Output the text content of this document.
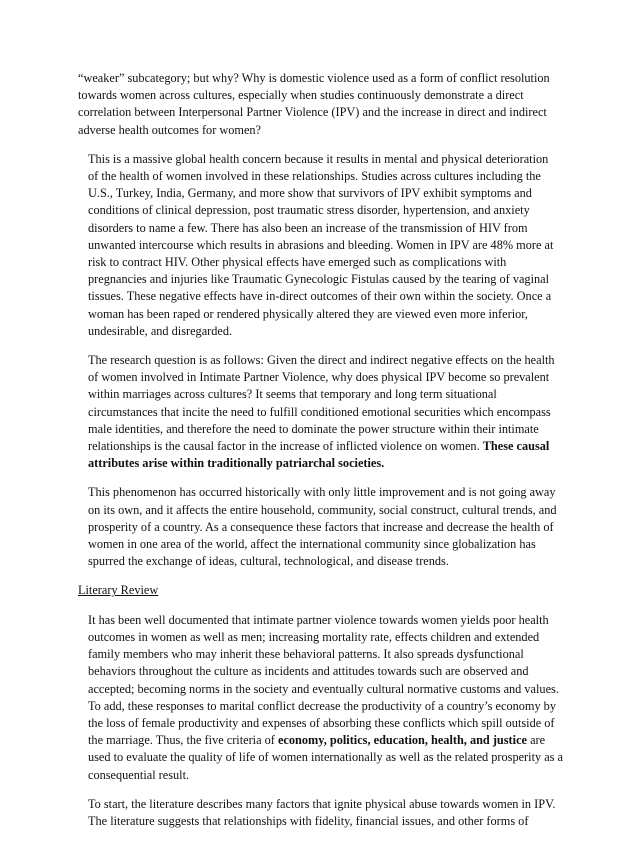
“weaker” subcategory; but why? Why is domestic violence used as a form of conflict resolution
towards women across cultures, especially when studies continuously demonstrate a direct
correlation between Interpersonal Partner Violence (IPV) and the increase in direct and indirect
adverse health outcomes for women?

This is a massive global health concern because it results in mental and physical deterioration
of the health of women involved in these relationships. Studies across cultures including the
U.S., Turkey, India, Germany, and more show that survivors of IPV exhibit symptoms and
conditions of clinical depression, post traumatic stress disorder, hypertension, and anxiety
disorders to name a few. There has also been an increase of the transmission of HIV from
unwanted intercourse which results in abrasions and bleeding. Women in IPV are 48% more at
risk to contract HIV. Other physical effects have emerged such as complications with
pregnancies and injuries like Traumatic Gynecologic Fistulas caused by the tearing of vaginal
tissues. These negative effects have in-direct outcomes of their own within the society. Once a
woman has been raped or rendered physically altered they are viewed even more inferior,
undesirable, and disregarded.

The research question is as follows: Given the direct and indirect negative effects on the health
of women involved in Intimate Partner Violence, why does physical IPV become so prevalent
within marriages across cultures? It seems that temporary and long term situational
circumstances that incite the need to fulfill conditioned emotional securities which encompass
male identities, and therefore the need to dominate the power structure within their intimate
relationships is the causal factor in the increase of inflicted violence on women. These causal
attributes arise within traditionally patriarchal societies.

This phenomenon has occurred historically with only little improvement and is not going away
on its own, and it affects the entire household, community, social construct, cultural trends, and
prosperity of a country. As a consequence these factors that increase and decrease the health of
women in one area of the world, affect the international community since globalization has
spurred the exchange of ideas, cultural, technological, and disease trends.

Literary Review

It has been well documented that intimate partner violence towards women yields poor health
outcomes in women as well as men; increasing mortality rate, effects children and extended
family members who may inherit these behavioral patterns. It also spreads dysfunctional
behaviors throughout the culture as incidents and attitudes towards such are observed and
accepted; becoming norms in the society and eventually cultural normative customs and values.
To add, these responses to marital conflict decrease the productivity of a country’s economy by
the loss of female productivity and expenses of absorbing these conflicts which spill outside of
the marriage. Thus, the five criteria of economy, politics, education, health, and justice are
used to evaluate the quality of life of women internationally as well as the related prosperity as a
consequential result.

To start, the literature describes many factors that ignite physical abuse towards women in IPV.
The literature suggests that relationships with fidelity, financial issues, and other forms of
